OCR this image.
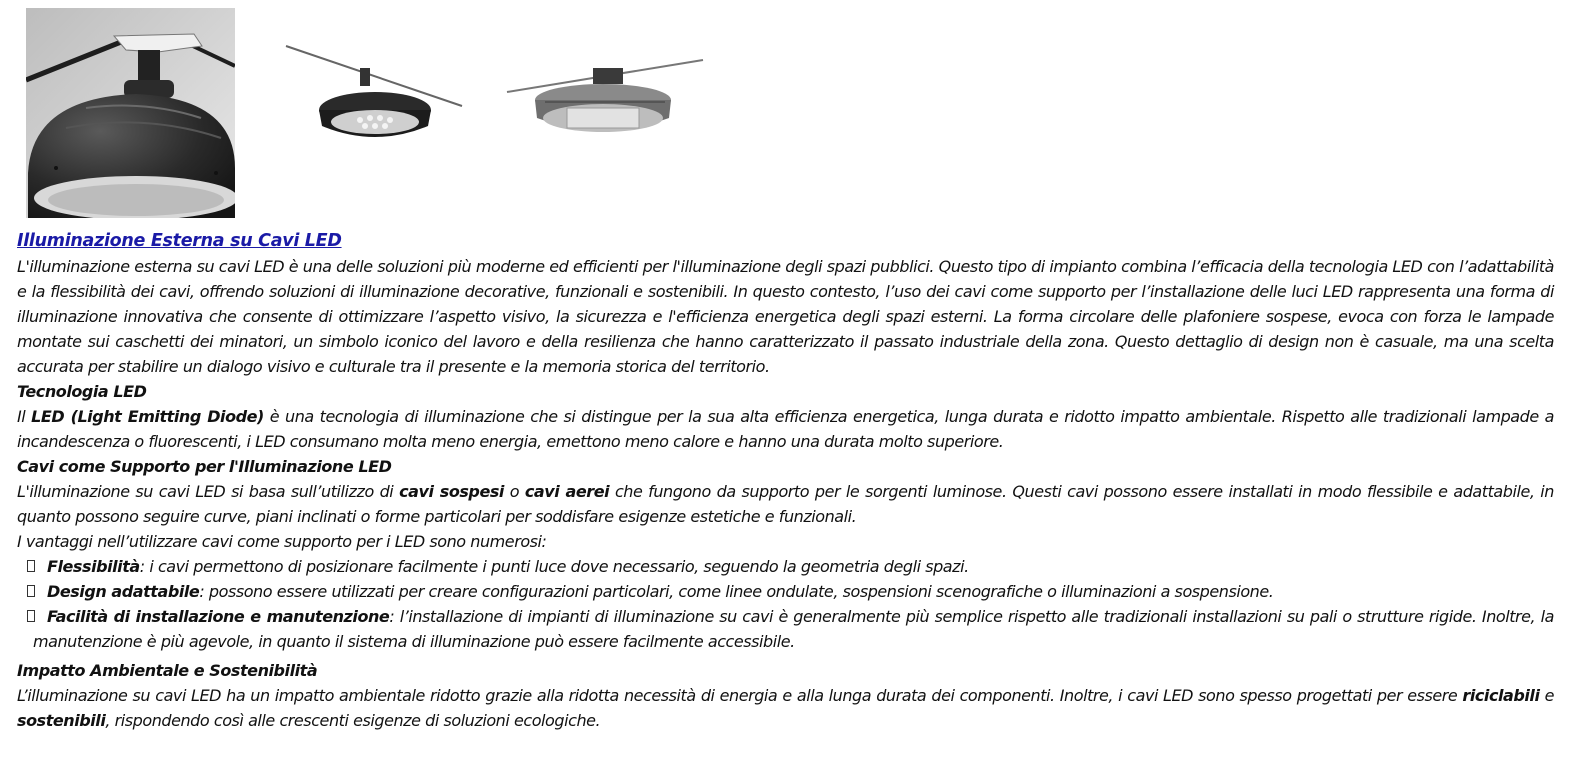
Illuminazione Esterna su Cavi LED

L'illuminazione esterna su cavi LED è una delle soluzioni più moderne ed efficienti per l'illuminazione degli spazi pubblici. Questo tipo di impianto combina l’efficacia della tecnologia LED con l’adattabilità e la flessibilità dei cavi, offrendo soluzioni di illuminazione decorative, funzionali e sostenibili. In questo contesto, l’uso dei cavi come supporto per l’installazione delle luci LED rappresenta una forma di illuminazione innovativa che consente di ottimizzare l’aspetto visivo, la sicurezza e l'efficienza energetica degli spazi esterni. La forma circolare delle plafoniere sospese, evoca con forza le lampade montate sui caschetti dei minatori, un simbolo iconico del lavoro e della resilienza che hanno caratterizzato il passato industriale della zona. Questo dettaglio di design non è casuale, ma una scelta accurata per stabilire un dialogo visivo e culturale tra il presente e la memoria storica del territorio.

Tecnologia LED

Il LED (Light Emitting Diode) è una tecnologia di illuminazione che si distingue per la sua alta efficienza energetica, lunga durata e ridotto impatto ambientale. Rispetto alle tradizionali lampade a incandescenza o fluorescenti, i LED consumano molta meno energia, emettono meno calore e hanno una durata molto superiore.

Cavi come Supporto per l'Illuminazione LED

L'illuminazione su cavi LED si basa sull’utilizzo di cavi sospesi o cavi aerei che fungono da supporto per le sorgenti luminose. Questi cavi possono essere installati in modo flessibile e adattabile, in quanto possono seguire curve, piani inclinati o forme particolari per soddisfare esigenze estetiche e funzionali.

I vantaggi nell’utilizzare cavi come supporto per i LED sono numerosi:

Flessibilità: i cavi permettono di posizionare facilmente i punti luce dove necessario, seguendo la geometria degli spazi.
Design adattabile: possono essere utilizzati per creare configurazioni particolari, come linee ondulate, sospensioni scenografiche o illuminazioni a sospensione.
Facilità di installazione e manutenzione: l’installazione di impianti di illuminazione su cavi è generalmente più semplice rispetto alle tradizionali installazioni su pali o strutture rigide. Inoltre, la manutenzione è più agevole, in quanto il sistema di illuminazione può essere facilmente accessibile.

Impatto Ambientale e Sostenibilità

L’illuminazione su cavi LED ha un impatto ambientale ridotto grazie alla ridotta necessità di energia e alla lunga durata dei componenti. Inoltre, i cavi LED sono spesso progettati per essere riciclabili e sostenibili, rispondendo così alle crescenti esigenze di soluzioni ecologiche.
